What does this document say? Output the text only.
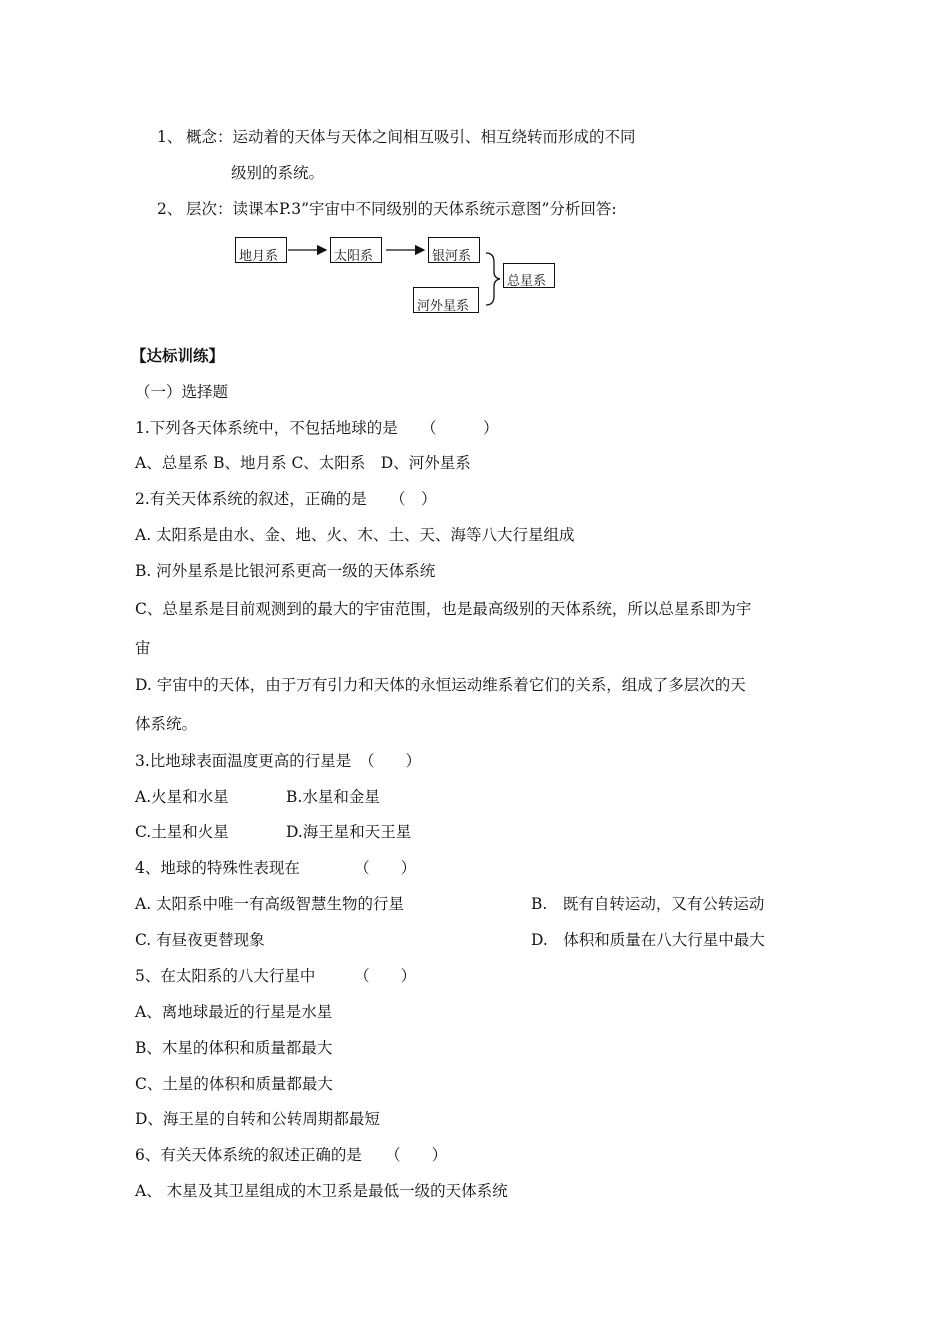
1、 概念：运动着的天体与天体之间相互吸引、相互绕转而形成的不同
级别的系统。
2、 层次：读课本P.3”宇宙中不同级别的天体系统示意图”分析回答:
地月系	太阳系	银河系
河外星系
总星系
【达标训练】
（一）选择题
1.下列各天体系统中，不包括地球的是　　（　　　）
A、总星系 B、地月系 C、太阳系　D、河外星系
2.有关天体系统的叙述，正确的是　　（　）
A. 太阳系是由水、金、地、火、木、土、天、海等八大行星组成
B. 河外星系是比银河系更高一级的天体系统
C、总星系是目前观测到的最大的宇宙范围，也是最高级别的天体系统，所以总星系即为宇
宙
D. 宇宙中的天体，由于万有引力和天体的永恒运动维系着它们的关系，组成了多层次的天
体系统。
3.比地球表面温度更高的行星是　（　　）
A.火星和水星	B.水星和金星
C.土星和火星	D.海王星和天王星
4、地球的特殊性表现在　　　　（　　）
A. 太阳系中唯一有高级智慧生物的行星	B.　既有自转运动，又有公转运动
C. 有昼夜更替现象	D.　体积和质量在八大行星中最大
5、在太阳系的八大行星中　　　（　　）
A、离地球最近的行星是水星
B、木星的体积和质量都最大
C、土星的体积和质量都最大
D、海王星的自转和公转周期都最短
6、有关天体系统的叙述正确的是　　（　　）
A、 木星及其卫星组成的木卫系是最低一级的天体系统
